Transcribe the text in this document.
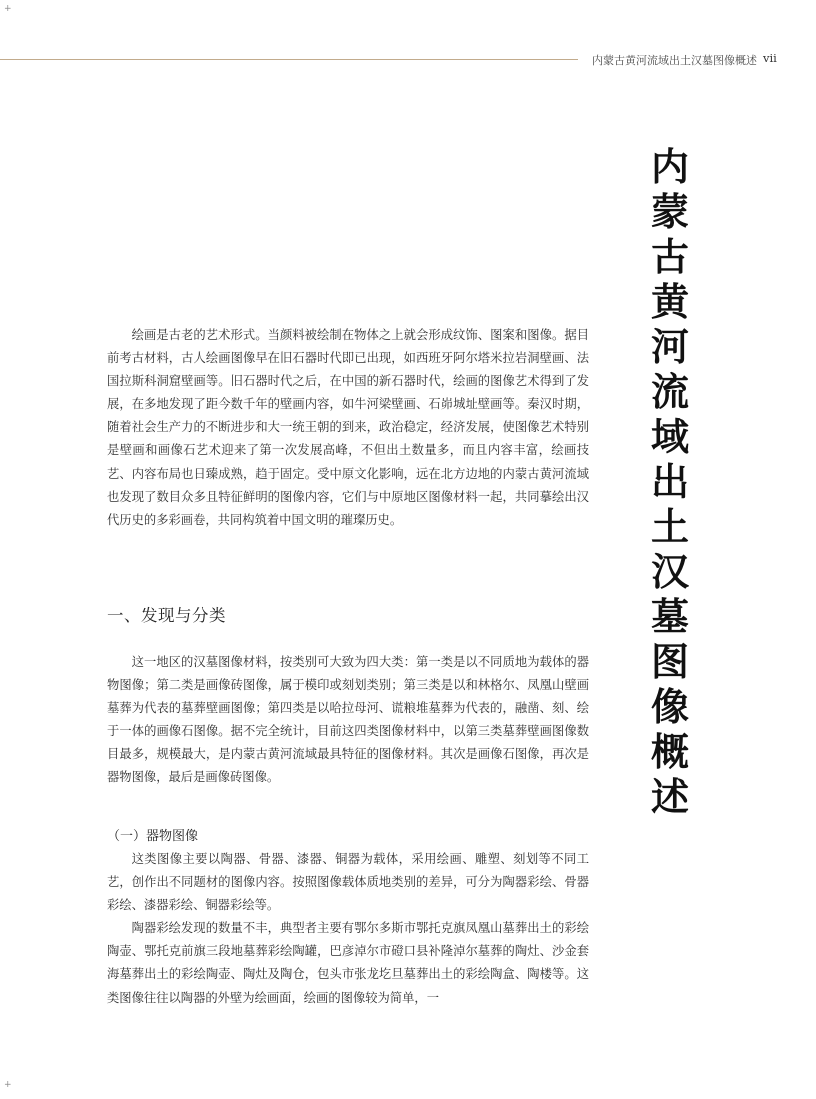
+
内蒙古黄河流域出土汉墓图像概述 vii
内蒙古黄河流域出土汉墓图像概述

绘画是古老的艺术形式。当颜料被绘制在物体之上就会形成纹饰、图案和图像。据目前考古材料，古人绘画图像早在旧石器时代即已出现，如西班牙阿尔塔米拉岩洞壁画、法国拉斯科洞窟壁画等。旧石器时代之后，在中国的新石器时代，绘画的图像艺术得到了发展，在多地发现了距今数千年的壁画内容，如牛河梁壁画、石峁城址壁画等。秦汉时期，随着社会生产力的不断进步和大一统王朝的到来，政治稳定，经济发展，使图像艺术特别是壁画和画像石艺术迎来了第一次发展高峰，不但出土数量多，而且内容丰富，绘画技艺、内容布局也日臻成熟，趋于固定。受中原文化影响，远在北方边地的内蒙古黄河流域也发现了数目众多且特征鲜明的图像内容，它们与中原地区图像材料一起，共同摹绘出汉代历史的多彩画卷，共同构筑着中国文明的璀璨历史。

一、发现与分类

这一地区的汉墓图像材料，按类别可大致为四大类：第一类是以不同质地为载体的器物图像；第二类是画像砖图像，属于模印或刻划类别；第三类是以和林格尔、凤凰山壁画墓葬为代表的墓葬壁画图像；第四类是以哈拉母河、谎粮堆墓葬为代表的，融凿、刻、绘于一体的画像石图像。据不完全统计，目前这四类图像材料中，以第三类墓葬壁画图像数目最多，规模最大，是内蒙古黄河流域最具特征的图像材料。其次是画像石图像，再次是器物图像，最后是画像砖图像。

（一）器物图像

这类图像主要以陶器、骨器、漆器、铜器为载体，采用绘画、雕塑、刻划等不同工艺，创作出不同题材的图像内容。按照图像载体质地类别的差异，可分为陶器彩绘、骨器彩绘、漆器彩绘、铜器彩绘等。

陶器彩绘发现的数量不丰，典型者主要有鄂尔多斯市鄂托克旗凤凰山墓葬出土的彩绘陶壶、鄂托克前旗三段地墓葬彩绘陶罐，巴彦淖尔市磴口县补隆淖尔墓葬的陶灶、沙金套海墓葬出土的彩绘陶壶、陶灶及陶仓，包头市张龙圪旦墓葬出土的彩绘陶盒、陶楼等。这类图像往往以陶器的外壁为绘画面，绘画的图像较为简单，一

+
